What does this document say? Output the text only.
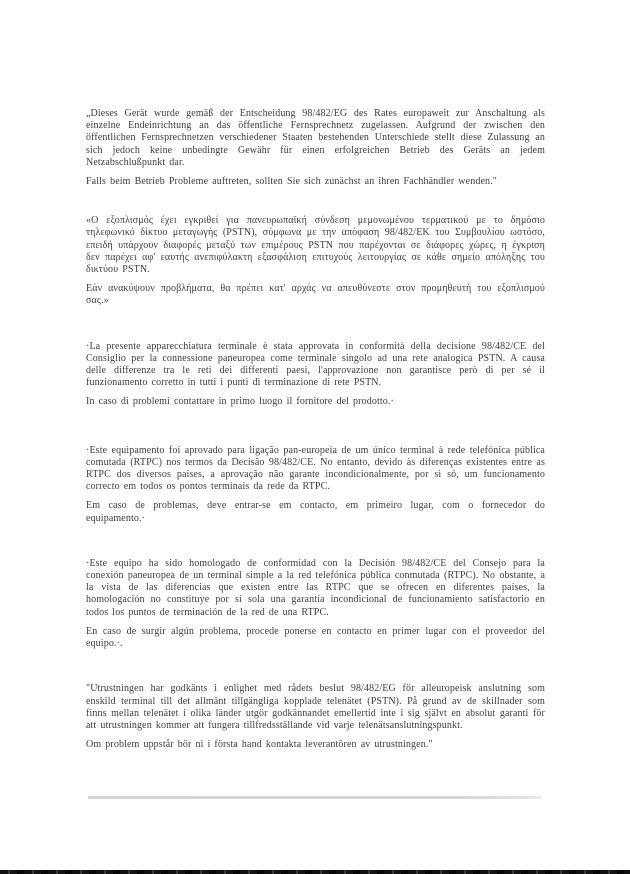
„Dieses Gerät wurde gemäß der Entscheidung 98/482/EG des Rates europaweit zur Anschaltung als einzelne Endeinrichtung an das öffentliche Fernsprechnetz zugelassen. Aufgrund der zwischen den öffentlichen Fernsprechnetzen verschiedener Staaten bestehenden Unterschiede stellt diese Zulassung an sich jedoch keine unbedingte Gewähr für einen erfolgreichen Betrieb des Geräts an jedem Netzabschlußpunkt dar.

Falls beim Betrieb Probleme auftreten, sollten Sie sich zunächst an ihren Fachhändler wenden."

«Ο εξοπλισμός έχει εγκριθεί για πανευρωπαϊκή σύνδεση μεμονωμένου τερματικού με το δημόσιο τηλεφωνικό δίκτυο μεταγωγής (PSTN), σύμφωνα με την απόφαση 98/482/ΕΚ του Συμβουλίου ωστόσο, επειδή υπάρχουν διαφορές μεταξύ των επιμέρους PSTN που παρέχονται σε διάφορες χώρες, η έγκριση δεν παρέχει αφ' εαυτής ανεπιφύλακτη εξασφάλιση επιτυχούς λειτουργίας σε κάθε σημείο απόληξης του δικτύου PSTN.

Εάν ανακύψουν προβλήματα, θα πρέπει κατ' αρχάς να απευθύνεστε στον προμηθευτή του εξοπλισμού σας.»

·La presente apparecchiatura terminale è stata approvata in conformità della decisione 98/482/CE del Consiglio per la connessione paneuropea come terminale singolo ad una rete analogica PSTN. A causa delle differenze tra le reti dei differenti paesi, l'approvazione non garantisce però di per sé il funzionamento corretto in tutti i punti di terminazione di rete PSTN.

In caso di problemi contattare in primo luogo il fornitore del prodotto.·

·Este equipamento foi aprovado para ligação pan-europeia de um único terminal à rede telefónica pública comutada (RTPC) nos termos da Decisão 98/482/CE. No entanto, devido às diferenças existentes entre as RTPC dos diversos países, a aprovação não garante incondicionalmente, por si só, um funcionamento correcto em todos os pontos terminais da rede da RTPC.

Em caso de problemas, deve entrar-se em contacto, em primeiro lugar, com o fornecedor do equipamento.·

·Este equipo ha sido homologado de conformidad con la Decisión 98/482/CE del Consejo para la conexión paneuropea de un terminal simple a la red telefónica pública conmutada (RTPC). No obstante, a la vista de las diferencias que existen entre las RTPC que se ofrecen en diferentes países, la homologación no constituye por sí sola una garantía incondicional de funcionamiento satisfactorio en todos los puntos de terminación de la red de una RTPC.

En caso de surgir algún problema, procede ponerse en contacto en primer lugar con el proveedor del equipo.·.

"Utrustningen har godkänts i enlighet med rådets beslut 98/482/EG för alleuropeisk anslutning som enskild terminal till det allmänt tillgängliga kopplade telenätet (PSTN). På grund av de skillnader som finns mellan telenätet i olika länder utgör godkännandet emellertid inte i sig självt en absolut garanti för att utrustningen kommer att fungera tillfredsställande vid varje telenätsanslutningspunkt.

Om problem uppstår bör ni i första hand kontakta leverantören av utrustningen."
